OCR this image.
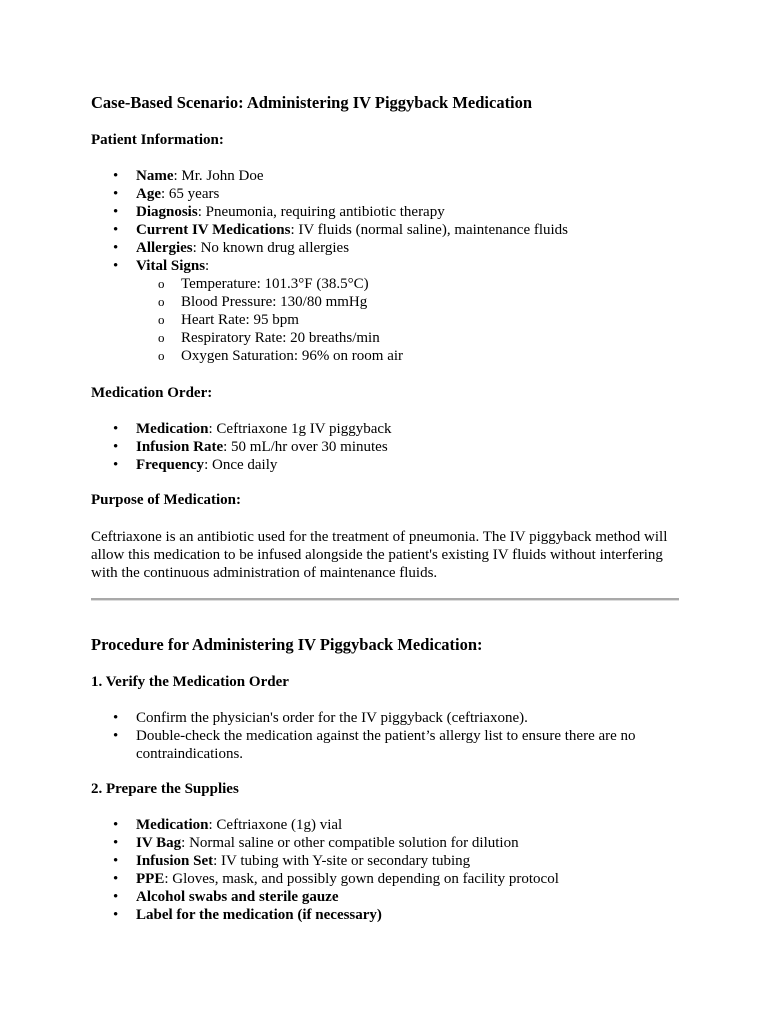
Case-Based Scenario: Administering IV Piggyback Medication

Patient Information:

• Name: Mr. John Doe
• Age: 65 years
• Diagnosis: Pneumonia, requiring antibiotic therapy
• Current IV Medications: IV fluids (normal saline), maintenance fluids
• Allergies: No known drug allergies
• Vital Signs:
o Temperature: 101.3°F (38.5°C)
o Blood Pressure: 130/80 mmHg
o Heart Rate: 95 bpm
o Respiratory Rate: 20 breaths/min
o Oxygen Saturation: 96% on room air

Medication Order:

• Medication: Ceftriaxone 1g IV piggyback
• Infusion Rate: 50 mL/hr over 30 minutes
• Frequency: Once daily

Purpose of Medication:

Ceftriaxone is an antibiotic used for the treatment of pneumonia. The IV piggyback method will allow this medication to be infused alongside the patient's existing IV fluids without interfering with the continuous administration of maintenance fluids.

Procedure for Administering IV Piggyback Medication:

1. Verify the Medication Order

• Confirm the physician's order for the IV piggyback (ceftriaxone).
• Double-check the medication against the patient’s allergy list to ensure there are no contraindications.

2. Prepare the Supplies

• Medication: Ceftriaxone (1g) vial
• IV Bag: Normal saline or other compatible solution for dilution
• Infusion Set: IV tubing with Y-site or secondary tubing
• PPE: Gloves, mask, and possibly gown depending on facility protocol
• Alcohol swabs and sterile gauze
• Label for the medication (if necessary)
